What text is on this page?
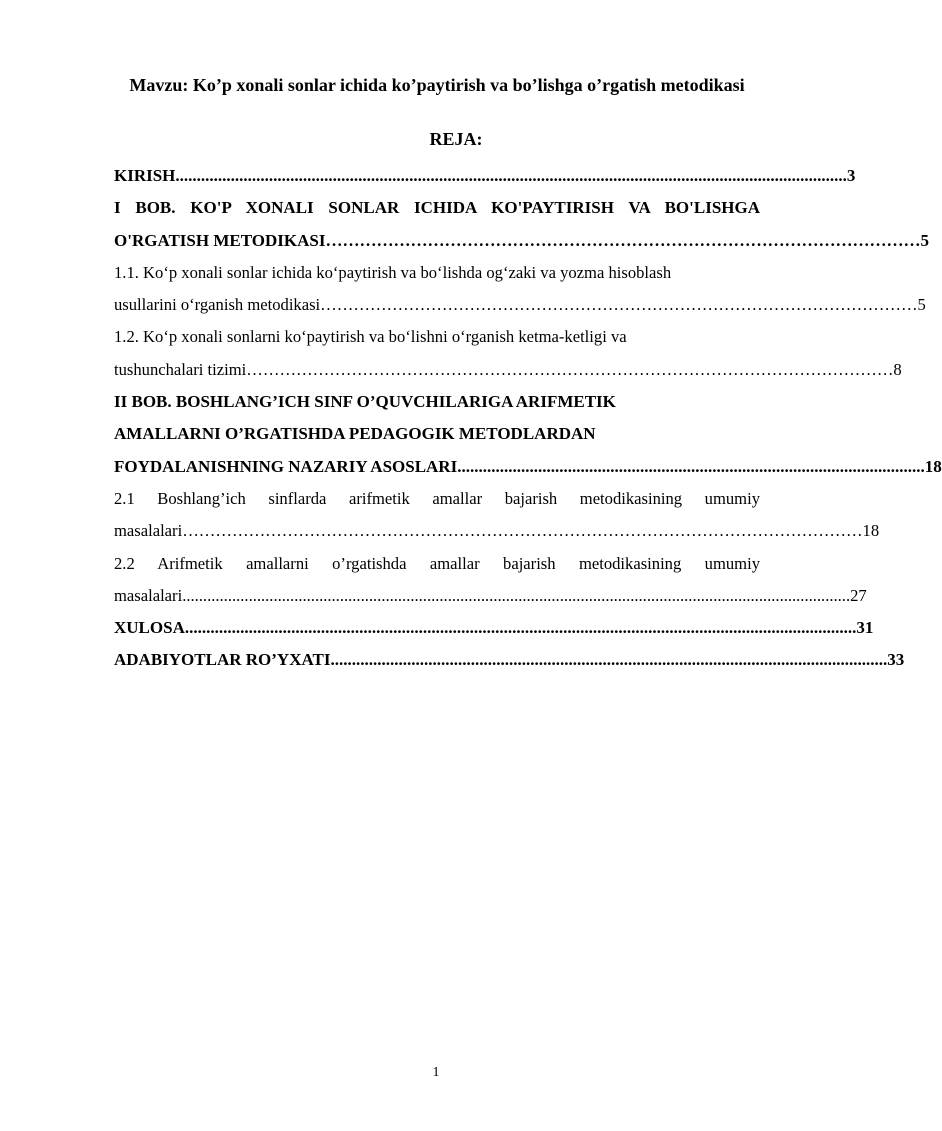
Mavzu: Ko’p xonali sonlar ichida ko’paytirish va bo’lishga o’rgatish metodikasi
REJA:
KIRISH .............................................................................................................................................................. 3
I BOB. KO'P XONALI SONLAR ICHIDA KO'PAYTIRISH VA BO'LISHGA
O'RGATISH METODIKASI …………………………………………………………………………………………… 5
1.1. Ko‘p xonali sonlar ichida ko‘paytirish va bo‘lishda og‘zaki va yozma hisoblash
usullarini o‘rganish metodikasi ……………………………………………………………………………………………… 5
1.2. Ko‘p xonali sonlarni ko‘paytirish va bo‘lishni o‘rganish ketma-ketligi va
tushunchalari tizimi ……………………………………………………………………………………………………… 8
II BOB. BOSHLANG’ICH SINF O’QUVCHILARIGA ARIFMETIK
AMALLARNI O’RGATISHDA PEDAGOGIK METODLARDAN
FOYDALANISHNING NAZARIY ASOSLARI .............................................................................................................. 18
2.1 Boshlang’ich sinflarda arifmetik amallar bajarish metodikasining umumiy
masalalari …………………………………………………………………………………………………………… 18
2.2 Arifmetik amallarni o’rgatishda amallar bajarish metodikasining umumiy
masalalari ................................................................................................................................................................. 27
XULOSA .............................................................................................................................................................. 31
ADABIYOTLAR RO’YXATI ................................................................................................................................... 33
1
